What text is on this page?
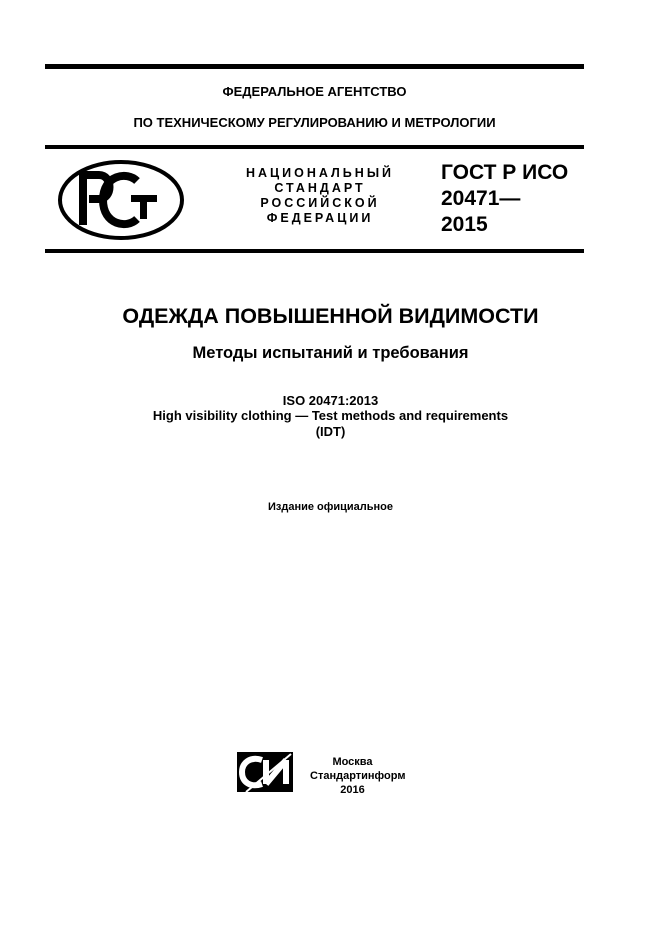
ФЕДЕРАЛЬНОЕ АГЕНТСТВО
ПО ТЕХНИЧЕСКОМУ РЕГУЛИРОВАНИЮ И МЕТРОЛОГИИ
НАЦИОНАЛЬНЫЙ
СТАНДАРТ
РОССИЙСКОЙ
ФЕДЕРАЦИИ
ГОСТ Р ИСО
20471—
2015
ОДЕЖДА ПОВЫШЕННОЙ ВИДИМОСТИ
Методы испытаний и требования
ISO 20471:2013
High visibility clothing — Test methods and requirements
(IDT)
Издание официальное
Москва
Стандартинформ
2016
